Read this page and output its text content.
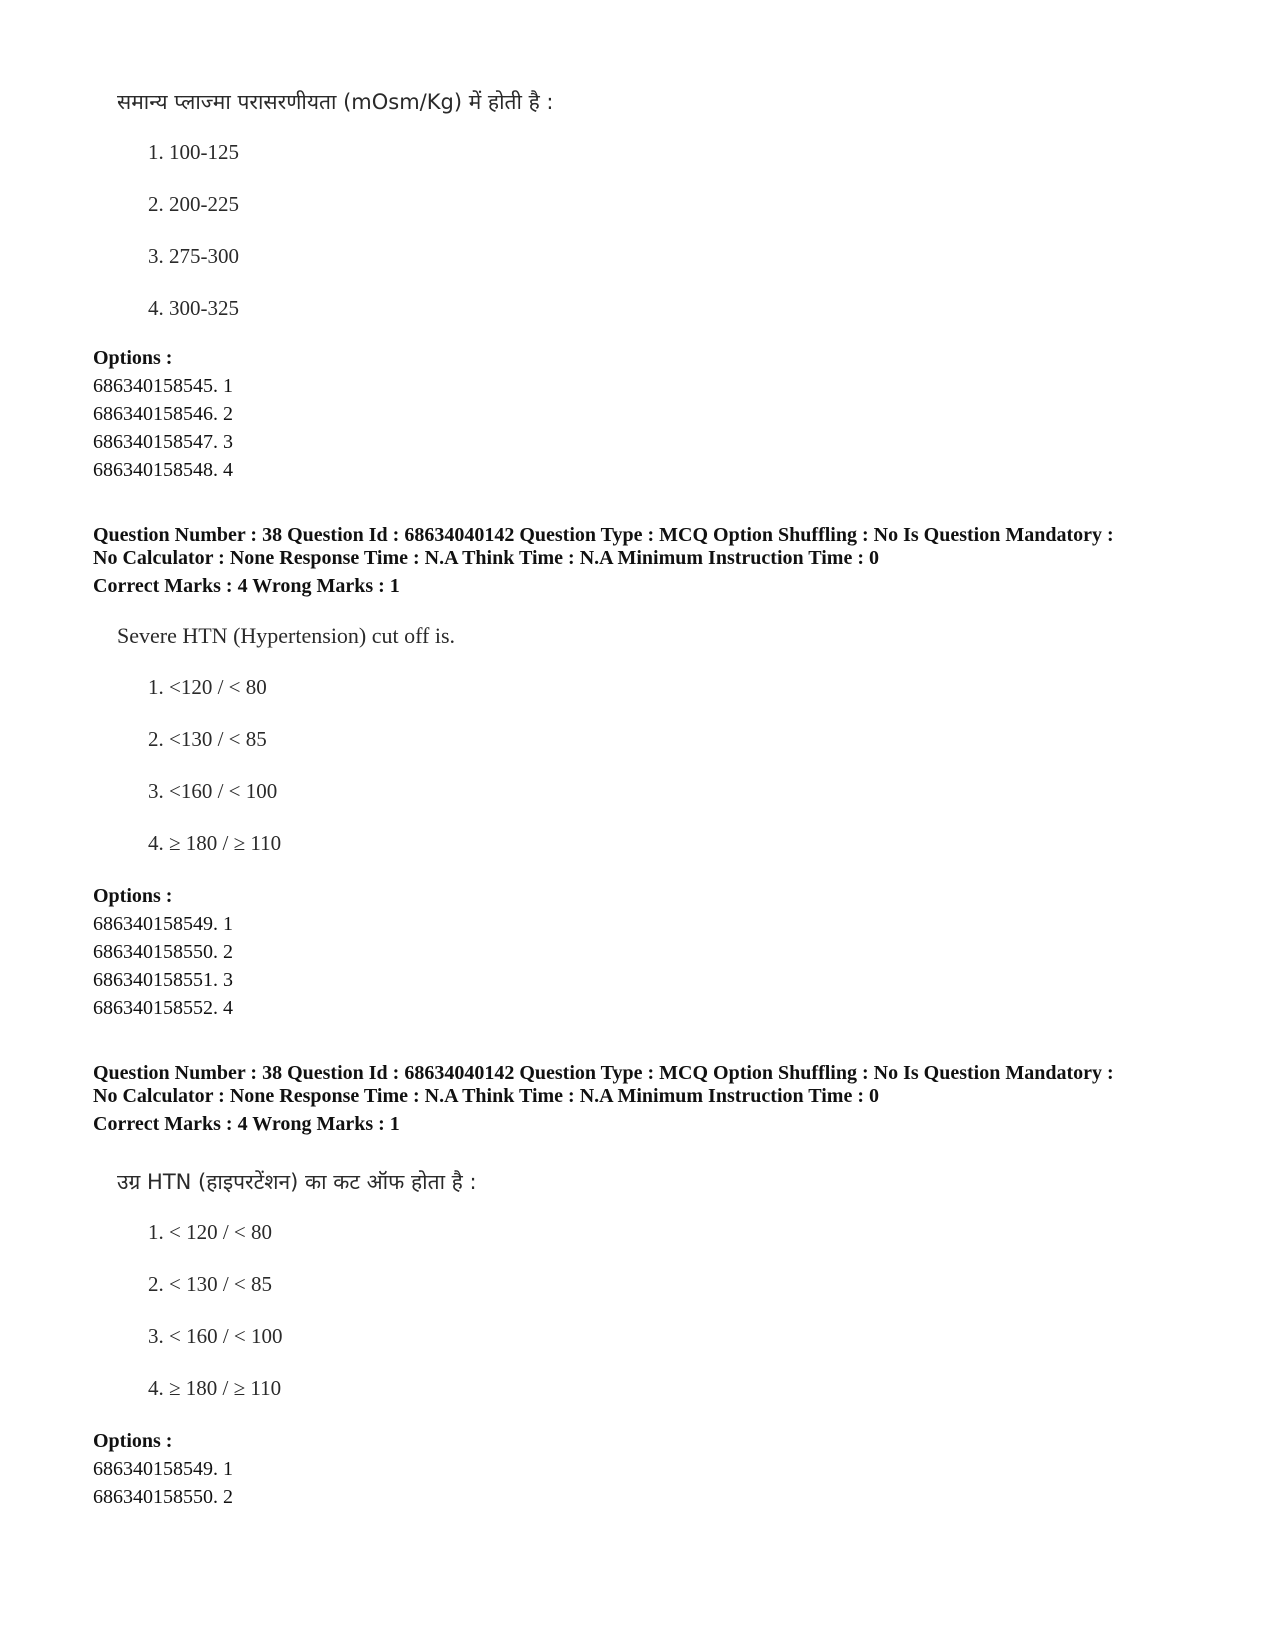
समान्य प्लाज्मा परासरणीयता (mOsm/Kg) में होती है :
1. 100-125
2. 200-225
3. 275-300
4. 300-325
Options :
686340158545. 1
686340158546. 2
686340158547. 3
686340158548. 4
Question Number : 38 Question Id : 68634040142 Question Type : MCQ Option Shuffling : No Is Question Mandatory :
No Calculator : None Response Time : N.A Think Time : N.A Minimum Instruction Time : 0
Correct Marks : 4 Wrong Marks : 1
Severe HTN (Hypertension) cut off is.
1. <120 / < 80
2. <130 / < 85
3. <160 / < 100
4. ≥ 180 / ≥ 110
Options :
686340158549. 1
686340158550. 2
686340158551. 3
686340158552. 4
Question Number : 38 Question Id : 68634040142 Question Type : MCQ Option Shuffling : No Is Question Mandatory :
No Calculator : None Response Time : N.A Think Time : N.A Minimum Instruction Time : 0
Correct Marks : 4 Wrong Marks : 1
उग्र HTN (हाइपरटेंशन) का कट ऑफ होता है :
1. < 120 / < 80
2. < 130 / < 85
3. < 160 / < 100
4. ≥ 180 / ≥ 110
Options :
686340158549. 1
686340158550. 2
